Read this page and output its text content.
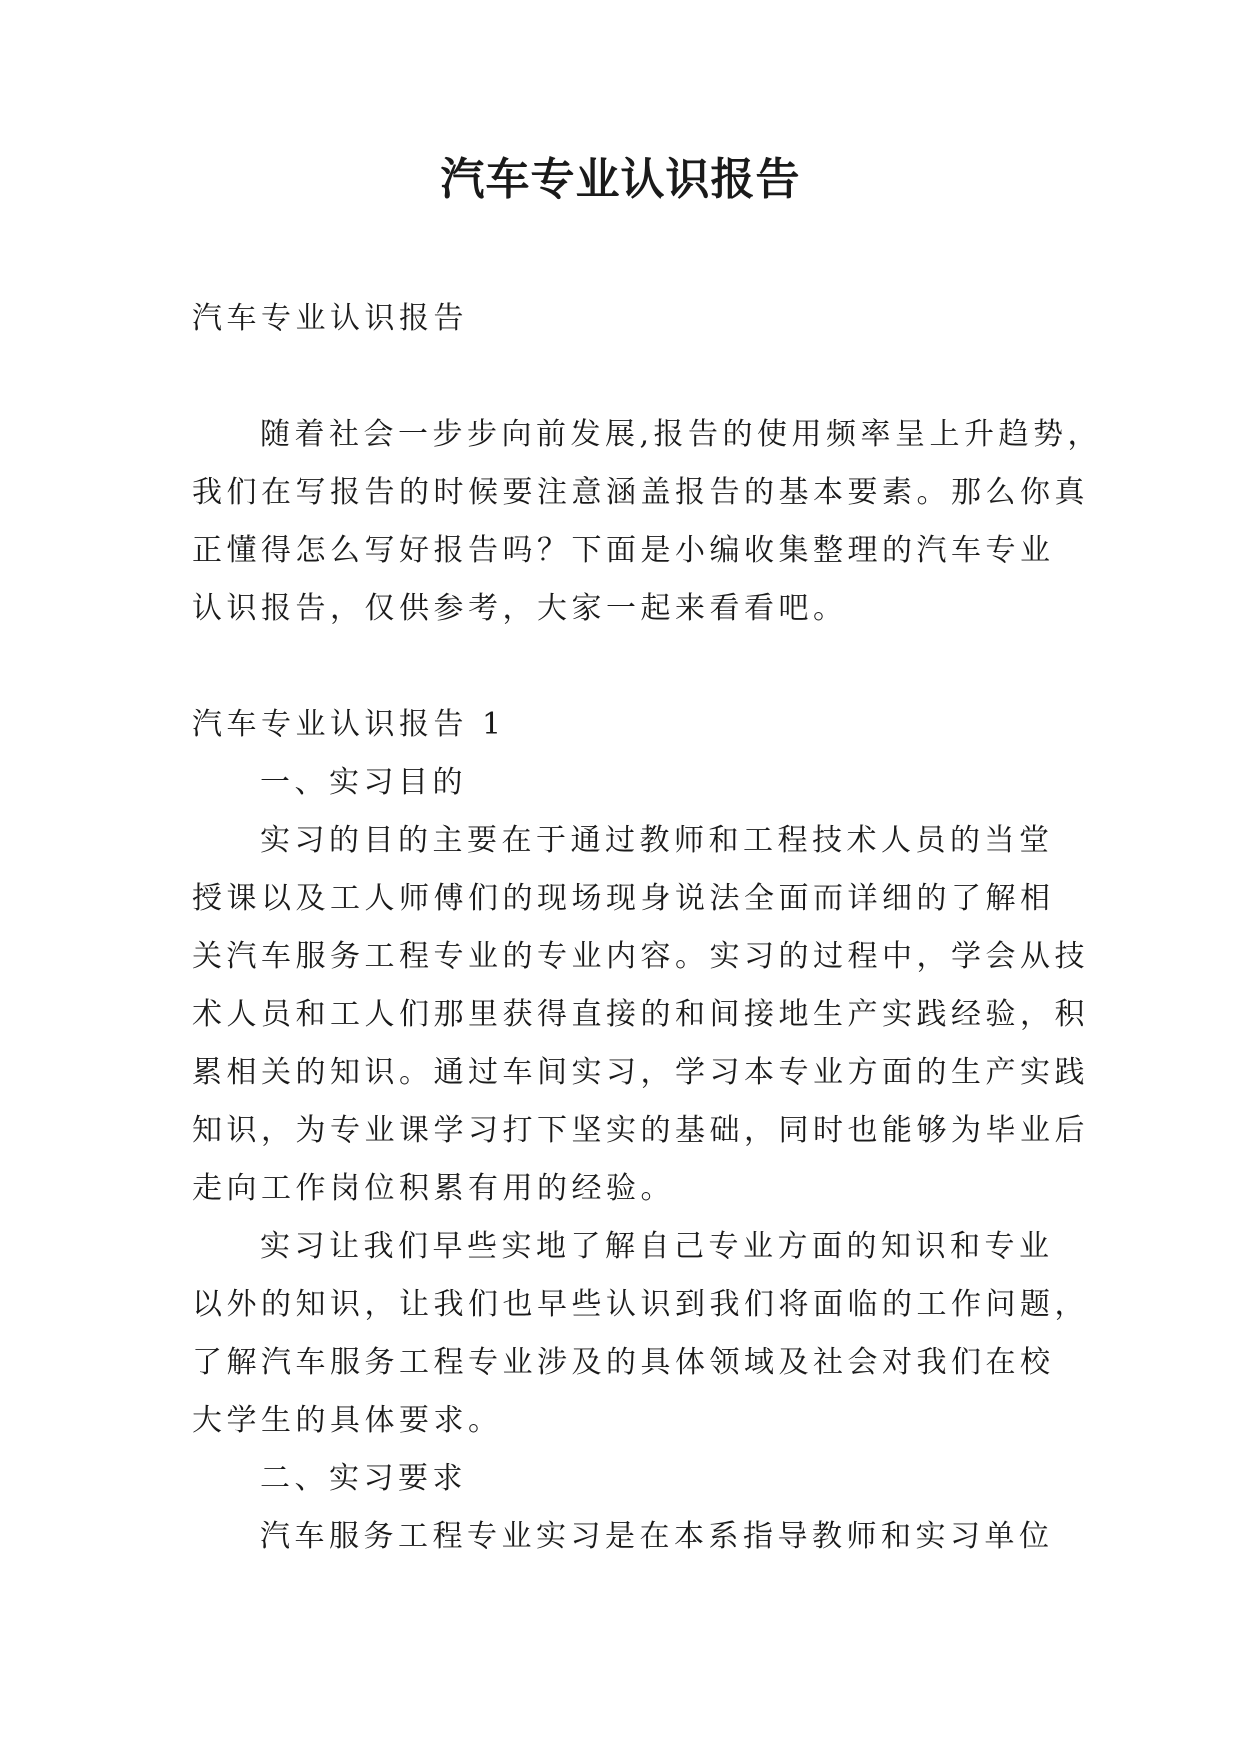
汽车专业认识报告
汽车专业认识报告
随着社会一步步向前发展,报告的使用频率呈上升趋势，
我们在写报告的时候要注意涵盖报告的基本要素。那么你真
正懂得怎么写好报告吗？下面是小编收集整理的汽车专业
认识报告，仅供参考，大家一起来看看吧。
汽车专业认识报告 1
一、实习目的
实习的目的主要在于通过教师和工程技术人员的当堂
授课以及工人师傅们的现场现身说法全面而详细的了解相
关汽车服务工程专业的专业内容。实习的过程中，学会从技
术人员和工人们那里获得直接的和间接地生产实践经验，积
累相关的知识。通过车间实习，学习本专业方面的生产实践
知识，为专业课学习打下坚实的基础，同时也能够为毕业后
走向工作岗位积累有用的经验。
实习让我们早些实地了解自己专业方面的知识和专业
以外的知识，让我们也早些认识到我们将面临的工作问题，
了解汽车服务工程专业涉及的具体领域及社会对我们在校
大学生的具体要求。
二、实习要求
汽车服务工程专业实习是在本系指导教师和实习单位
